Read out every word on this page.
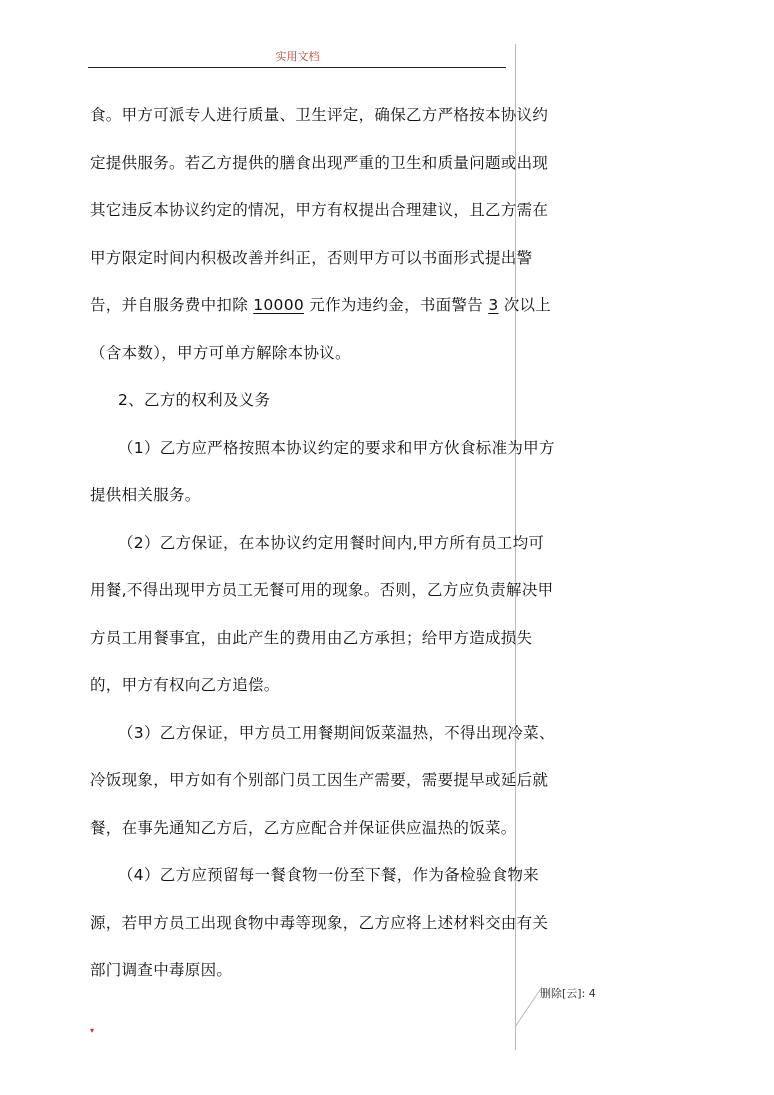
实用文档
食。甲方可派专人进行质量、卫生评定，确保乙方严格按本协议约
定提供服务。若乙方提供的膳食出现严重的卫生和质量问题或出现
其它违反本协议约定的情况，甲方有权提出合理建议，且乙方需在
甲方限定时间内积极改善并纠正，否则甲方可以书面形式提出警
告，并自服务费中扣除 10000 元作为违约金，书面警告 3 次以上
（含本数），甲方可单方解除本协议。
2、乙方的权利及义务
（1）乙方应严格按照本协议约定的要求和甲方伙食标准为甲方
提供相关服务。
（2）乙方保证，在本协议约定用餐时间内,甲方所有员工均可
用餐,不得出现甲方员工无餐可用的现象。否则，乙方应负责解决甲
方员工用餐事宜，由此产生的费用由乙方承担；给甲方造成损失
的，甲方有权向乙方追偿。
（3）乙方保证，甲方员工用餐期间饭菜温热，不得出现冷菜、
冷饭现象，甲方如有个别部门员工因生产需要，需要提早或延后就
餐，在事先通知乙方后，乙方应配合并保证供应温热的饭菜。
（4）乙方应预留每一餐食物一份至下餐，作为备检验食物来
源，若甲方员工出现食物中毒等现象，乙方应将上述材料交由有关
部门调查中毒原因。
删除[云]: 4
▾
